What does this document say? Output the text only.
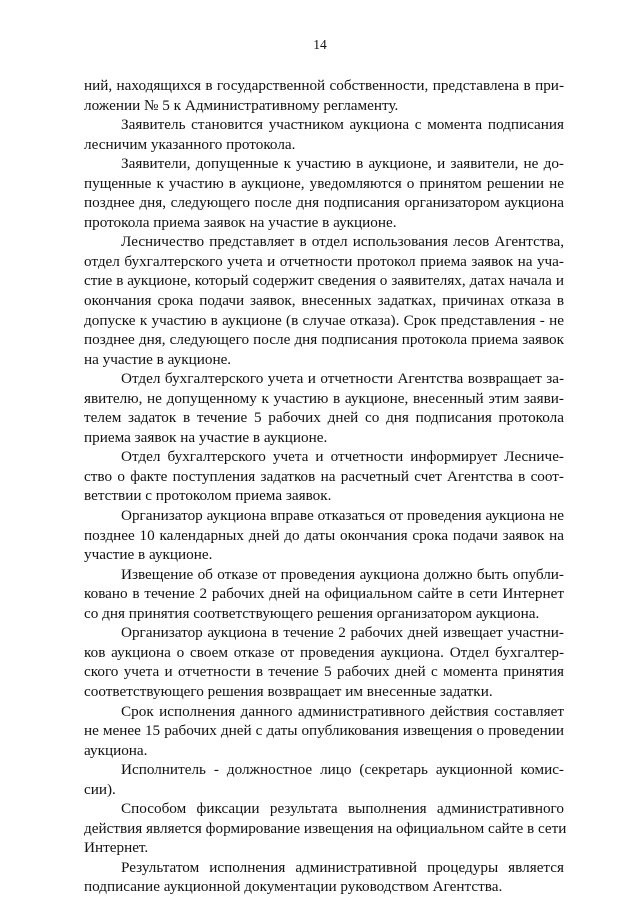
14
ний, находящихся в государственной собственности, представлена в при-
ложении № 5 к Административному регламенту.
Заявитель становится участником аукциона с момента подписания
лесничим указанного протокола.
Заявители, допущенные к участию в аукционе, и заявители, не до-
пущенные к участию в аукционе, уведомляются о принятом решении не
позднее дня, следующего после дня подписания организатором аукциона
протокола приема заявок на участие в аукционе.
Лесничество представляет в отдел использования лесов Агентства,
отдел бухгалтерского учета и отчетности протокол приема заявок на уча-
стие в аукционе, который содержит сведения о заявителях, датах начала и
окончания срока подачи заявок, внесенных задатках, причинах отказа в
допуске к участию в аукционе (в случае отказа). Срок представления - не
позднее дня, следующего после дня подписания протокола приема заявок
на участие в аукционе.
Отдел бухгалтерского учета и отчетности Агентства возвращает за-
явителю, не допущенному к участию в аукционе, внесенный этим заяви-
телем задаток в течение 5 рабочих дней со дня подписания протокола
приема заявок на участие в аукционе.
Отдел бухгалтерского учета и отчетности информирует Лесниче-
ство о факте поступления задатков на расчетный счет Агентства в соот-
ветствии с протоколом приема заявок.
Организатор аукциона вправе отказаться от проведения аукциона не
позднее 10 календарных дней до даты окончания срока подачи заявок на
участие в аукционе.
Извещение об отказе от проведения аукциона должно быть опубли-
ковано в течение 2 рабочих дней на официальном сайте в сети Интернет
со дня принятия соответствующего решения организатором аукциона.
Организатор аукциона в течение 2 рабочих дней извещает участни-
ков аукциона о своем отказе от проведения аукциона. Отдел бухгалтер-
ского учета и отчетности в течение 5 рабочих дней с момента принятия
соответствующего решения возвращает им внесенные задатки.
Срок исполнения данного административного действия составляет
не менее 15 рабочих дней с даты опубликования извещения о проведении
аукциона.
Исполнитель - должностное лицо (секретарь аукционной комис-
сии).
Способом фиксации результата выполнения административного
действия является формирование извещения на официальном сайте в сети
Интернет.
Результатом исполнения административной процедуры является
подписание аукционной документации руководством Агентства.
